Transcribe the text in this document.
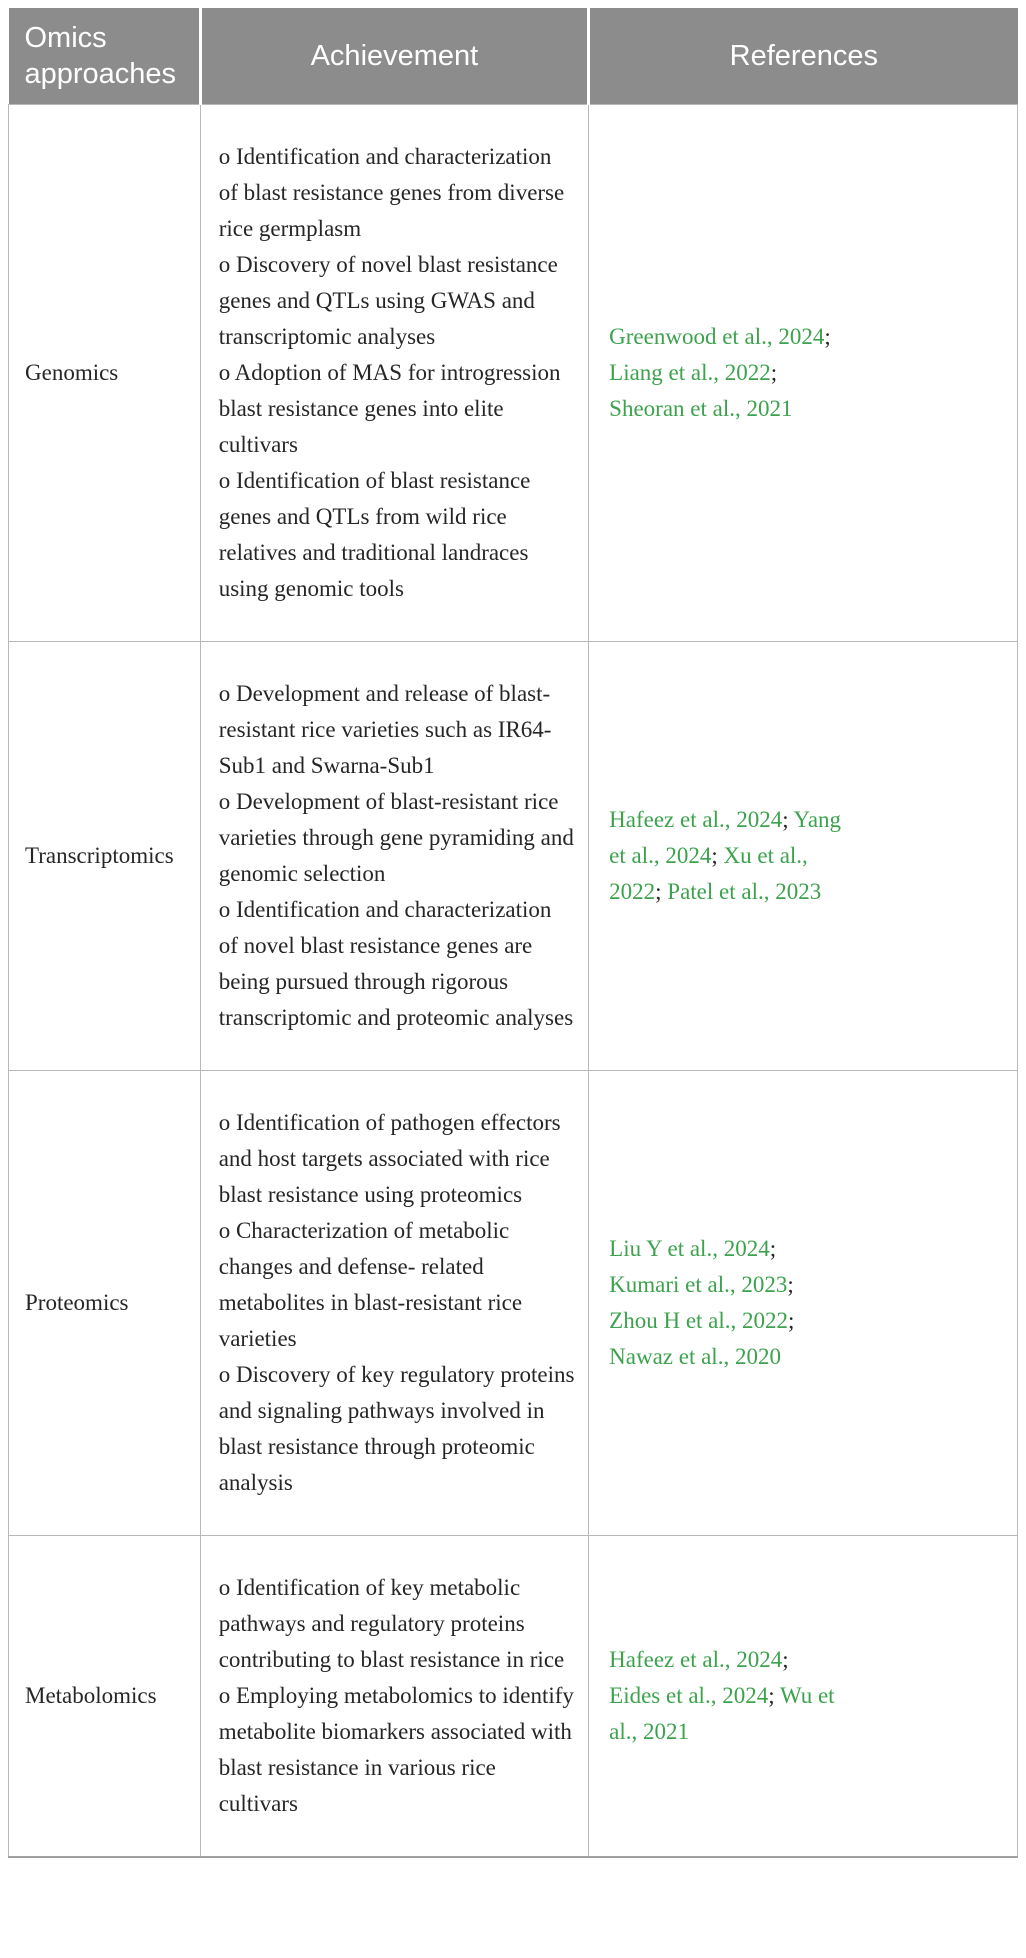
Omics approaches	Achievement	References
Genomics	o Identification and characterization of blast resistance genes from diverse rice germplasm

o Discovery of novel blast resistance genes and QTLs using GWAS and transcriptomic analyses

o Adoption of MAS for introgression blast resistance genes into elite cultivars

o Identification of blast resistance genes and QTLs from wild rice relatives and traditional landraces using genomic tools	Greenwood et al., 2024; Liang et al., 2022; Sheoran et al., 2021

Transcriptomics	o Development and release of blast-resistant rice varieties such as IR64-Sub1 and Swarna-Sub1

o Development of blast-resistant rice varieties through gene pyramiding and genomic selection

o Identification and characterization of novel blast resistance genes are being pursued through rigorous transcriptomic and proteomic analyses	Hafeez et al., 2024; Yang et al., 2024; Xu et al., 2022; Patel et al., 2023

Proteomics	o Identification of pathogen effectors and host targets associated with rice blast resistance using proteomics

o Characterization of metabolic changes and defense- related metabolites in blast-resistant rice varieties

o Discovery of key regulatory proteins and signaling pathways involved in blast resistance through proteomic analysis	Liu Y et al., 2024; Kumari et al., 2023; Zhou H et al., 2022; Nawaz et al., 2020

Metabolomics	o Identification of key metabolic pathways and regulatory proteins contributing to blast resistance in rice

o Employing metabolomics to identify metabolite biomarkers associated with blast resistance in various rice cultivars	Hafeez et al., 2024; Eides et al., 2024; Wu et al., 2021
